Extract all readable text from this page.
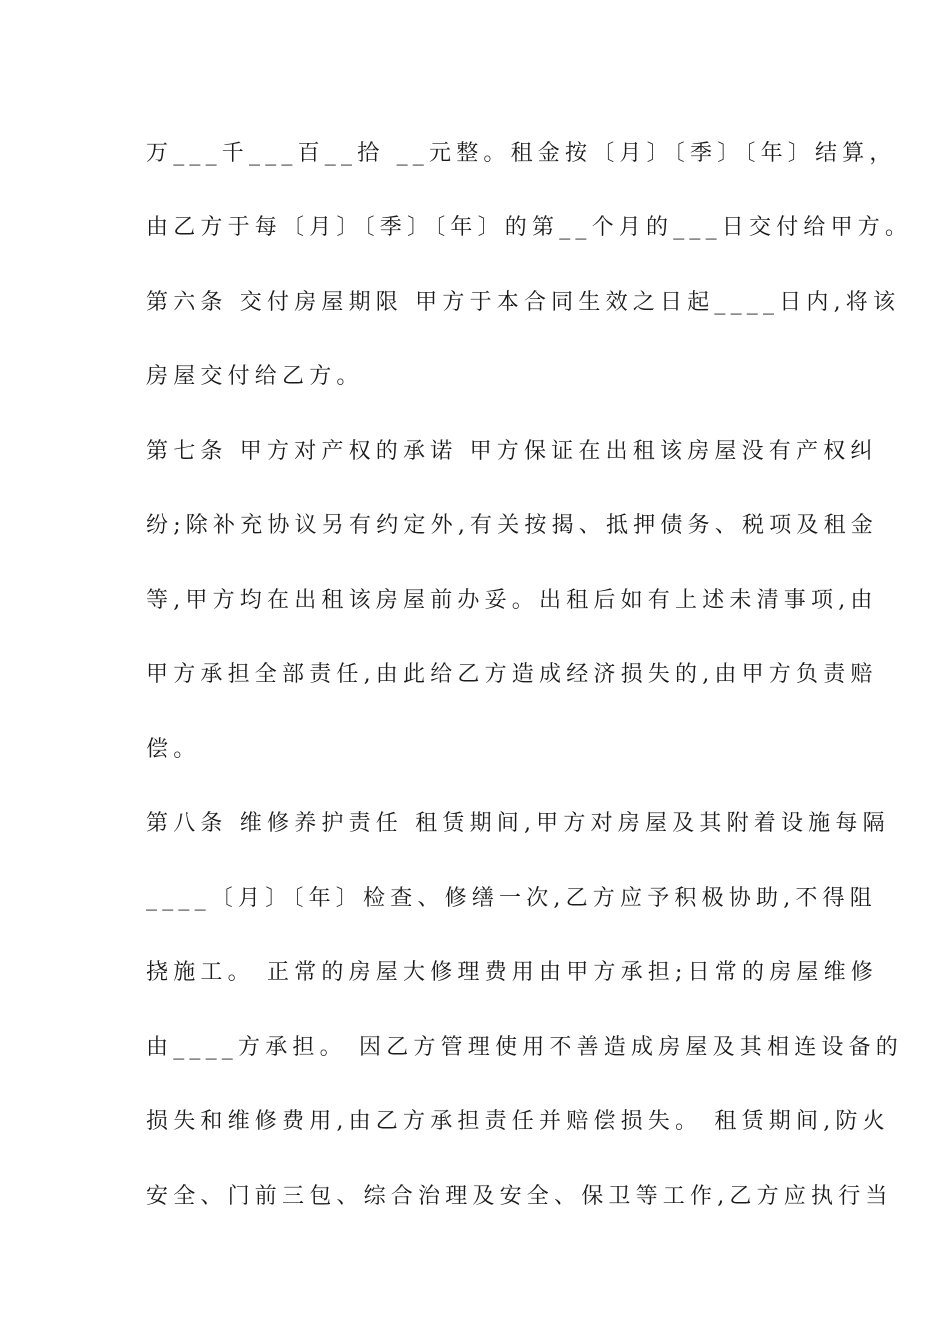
万___千___百__拾 __元整。租金按〔月〕〔季〕〔年〕结算，
由乙方于每〔月〕〔季〕〔年〕的第__个月的___日交付给甲方。
第六条 交付房屋期限 甲方于本合同生效之日起____日内,将该
房屋交付给乙方。
第七条 甲方对产权的承诺 甲方保证在出租该房屋没有产权纠
纷;除补充协议另有约定外,有关按揭、抵押债务、税项及租金
等,甲方均在出租该房屋前办妥。出租后如有上述未清事项,由
甲方承担全部责任,由此给乙方造成经济损失的,由甲方负责赔
偿。
第八条 维修养护责任 租赁期间,甲方对房屋及其附着设施每隔
____〔月〕〔年〕检查、修缮一次,乙方应予积极协助,不得阻
挠施工。 正常的房屋大修理费用由甲方承担;日常的房屋维修
由____方承担。 因乙方管理使用不善造成房屋及其相连设备的
损失和维修费用,由乙方承担责任并赔偿损失。 租赁期间,防火
安全、门前三包、综合治理及安全、保卫等工作,乙方应执行当
